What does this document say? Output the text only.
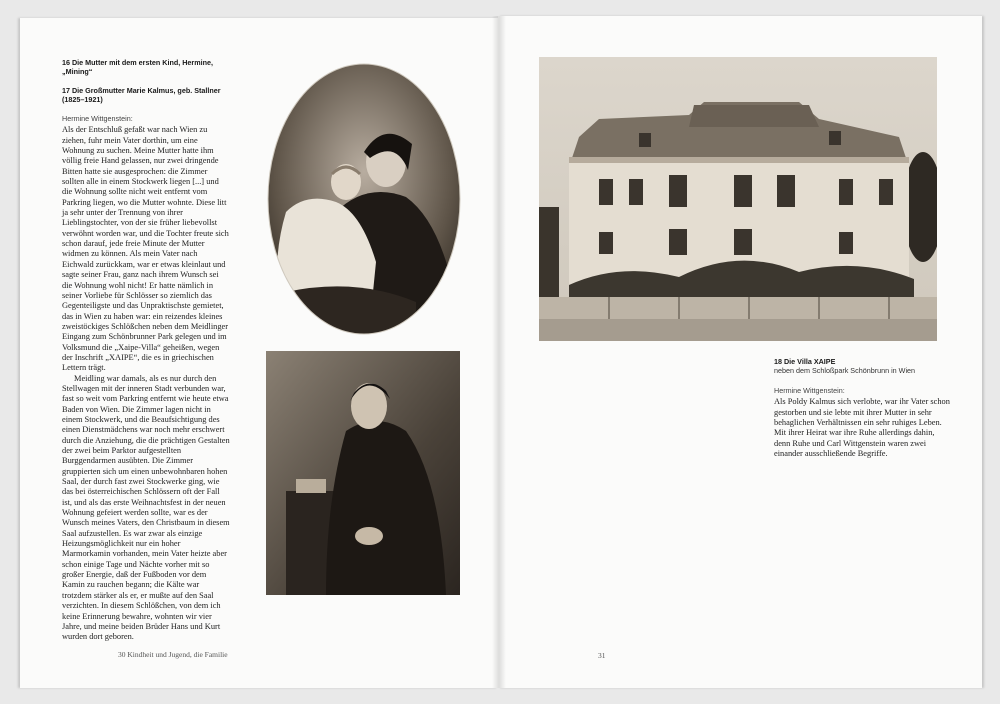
16 Die Mutter mit dem ersten Kind, Hermine, „Mining“
17 Die Großmutter Marie Kalmus, geb. Stallner (1825–1921)
Hermine Wittgenstein:

Als der Entschluß gefaßt war nach Wien zu ziehen, fuhr mein Vater dorthin, um eine Wohnung zu suchen. Meine Mutter hatte ihm völlig freie Hand gelassen, nur zwei dringende Bitten hatte sie ausgesprochen: die Zimmer sollten alle in einem Stockwerk liegen [...] und die Wohnung sollte nicht weit entfernt vom Parkring liegen, wo die Mutter wohnte. Diese litt ja sehr unter der Trennung von ihrer Lieblingstochter, von der sie früher liebevollst verwöhnt worden war, und die Tochter freute sich schon darauf, jede freie Minute der Mutter widmen zu können. Als mein Vater nach Eichwald zurückkam, war er etwas kleinlaut und sagte seiner Frau, ganz nach ihrem Wunsch sei die Wohnung wohl nicht! Er hatte nämlich in seiner Vorliebe für Schlösser so ziemlich das Gegenteiligste und das Unpraktischste gemietet, das in Wien zu haben war: ein reizendes kleines zweistöckiges Schlößchen neben dem Meidlinger Eingang zum Schönbrunner Park gelegen und im Volksmund die „Xaipe-Villa“ geheißen, wegen der Inschrift „XAIPE“, die es in griechischen Lettern trägt.

Meidling war damals, als es nur durch den Stellwagen mit der inneren Stadt verbunden war, fast so weit vom Parkring entfernt wie heute etwa Baden von Wien. Die Zimmer lagen nicht in einem Stockwerk, und die Beaufsichtigung des einen Dienstmädchens war noch mehr erschwert durch die Anziehung, die die prächtigen Gestalten der zwei beim Parktor aufgestellten Burggendarmen ausübten. Die Zimmer gruppierten sich um einen unbewohnbaren hohen Saal, der durch fast zwei Stockwerke ging, wie das bei österreichischen Schlössern oft der Fall ist, und als das erste Weihnachtsfest in der neuen Wohnung gefeiert werden sollte, war es der Wunsch meines Vaters, den Christbaum in diesem Saal aufzustellen. Es war zwar als einzige Heizungsmöglichkeit nur ein hoher Marmorkamin vorhanden, mein Vater heizte aber schon einige Tage und Nächte vorher mit so großer Energie, daß der Fußboden vor dem Kamin zu rauchen begann; die Kälte war trotzdem stärker als er, er mußte auf den Saal verzichten. In diesem Schlößchen, von dem ich keine Erinnerung bewahre, wohnten wir vier Jahre, und meine beiden Brüder Hans und Kurt wurden dort geboren.

30 Kindheit und Jugend, die Familie
18 Die Villa XAIPE
neben dem Schloßpark Schönbrunn in Wien
Hermine Wittgenstein:

Als Poldy Kalmus sich verlobte, war ihr Vater schon gestorben und sie lebte mit ihrer Mutter in sehr behaglichen Verhältnissen ein sehr ruhiges Leben. Mit ihrer Heirat war ihre Ruhe allerdings dahin, denn Ruhe und Carl Wittgenstein waren zwei einander ausschließende Begriffe.

31
